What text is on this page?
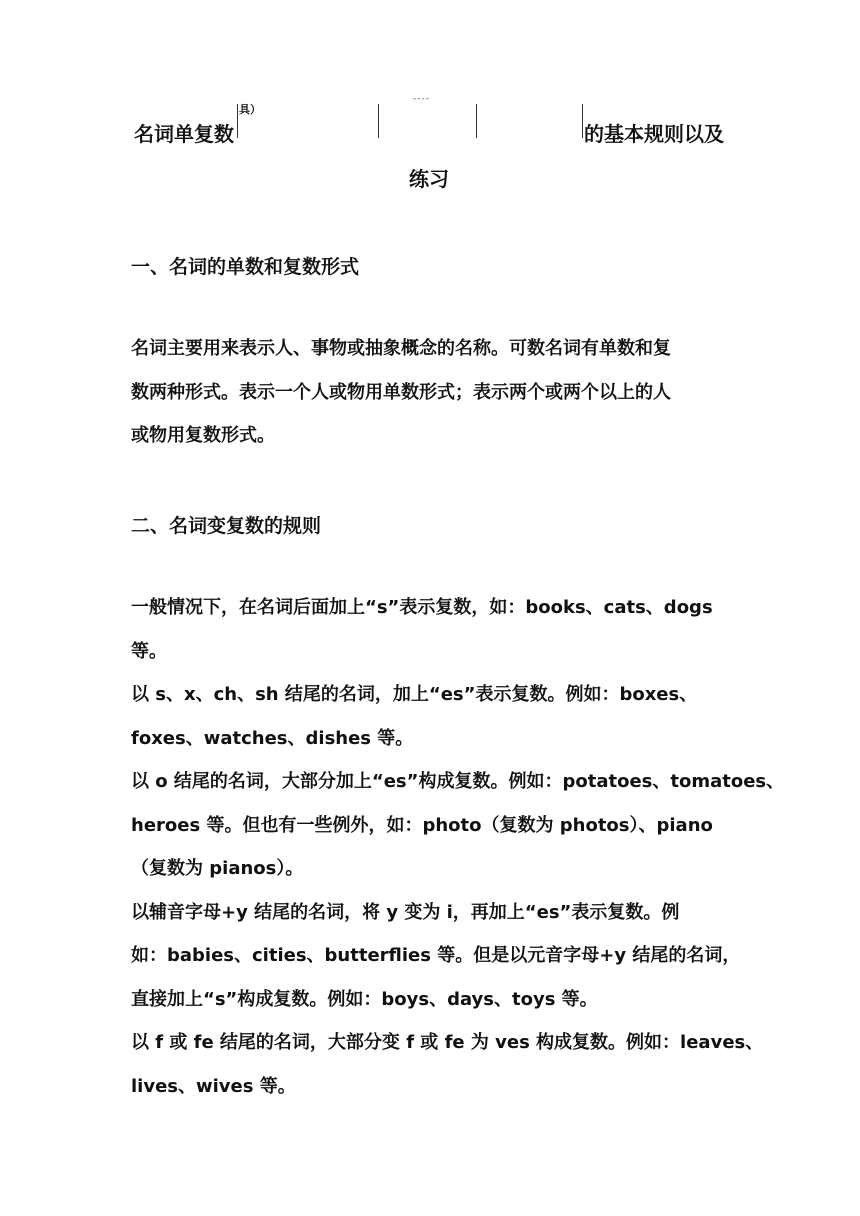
名词单复数
具）
----
的基本规则以及
练习
一、名词的单数和复数形式

名词主要用来表示人、事物或抽象概念的名称。可数名词有单数和复

数两种形式。表示一个人或物用单数形式；表示两个或两个以上的人

或物用复数形式。

二、名词变复数的规则

一般情况下，在名词后面加上“s”表示复数，如：books、cats、dogs

等。

以 s、x、ch、sh 结尾的名词，加上“es”表示复数。例如：boxes、

foxes、watches、dishes 等。

以 o 结尾的名词，大部分加上“es”构成复数。例如：potatoes、tomatoes、

heroes 等。但也有一些例外，如：photo（复数为 photos）、piano

（复数为 pianos）。

以辅音字母+y 结尾的名词，将 y 变为 i，再加上“es”表示复数。例

如：babies、cities、butterflies 等。但是以元音字母+y 结尾的名词，

直接加上“s”构成复数。例如：boys、days、toys 等。

以 f 或 fe 结尾的名词，大部分变 f 或 fe 为 ves 构成复数。例如：leaves、

lives、wives 等。
